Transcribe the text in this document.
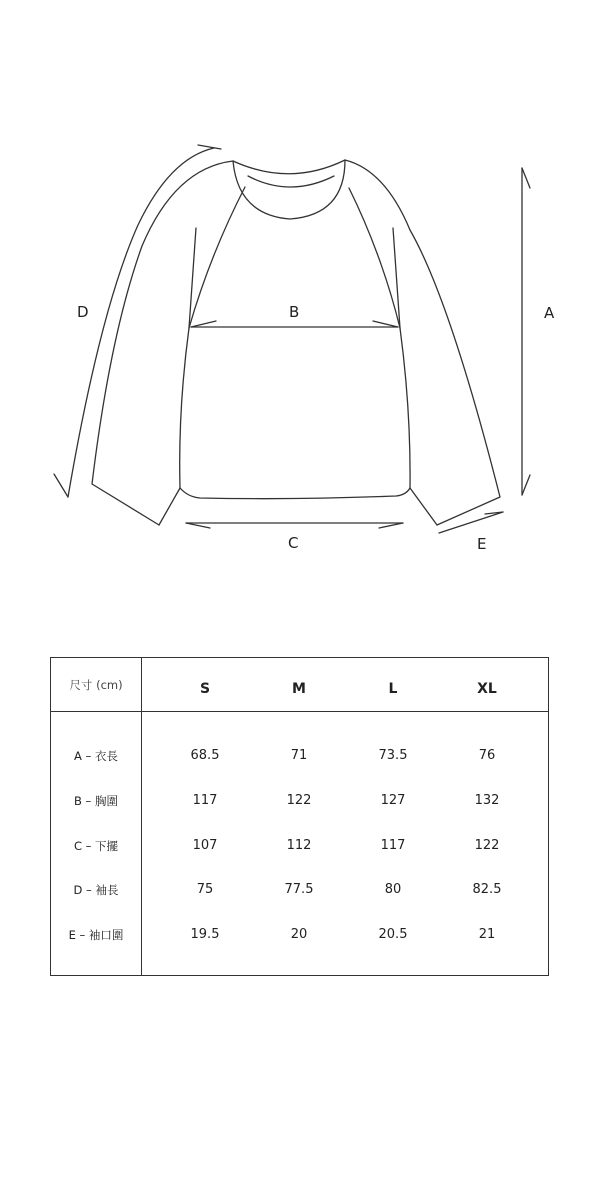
A
B
C
D
E
尺寸 (cm)	S	M	L	XL
A – 衣長	68.5	71	73.5	76
B – 胸圍	117	122	127	132
C – 下擺	107	112	117	122
D – 袖長	75	77.5	80	82.5
E – 袖口圍	19.5	20	20.5	21
